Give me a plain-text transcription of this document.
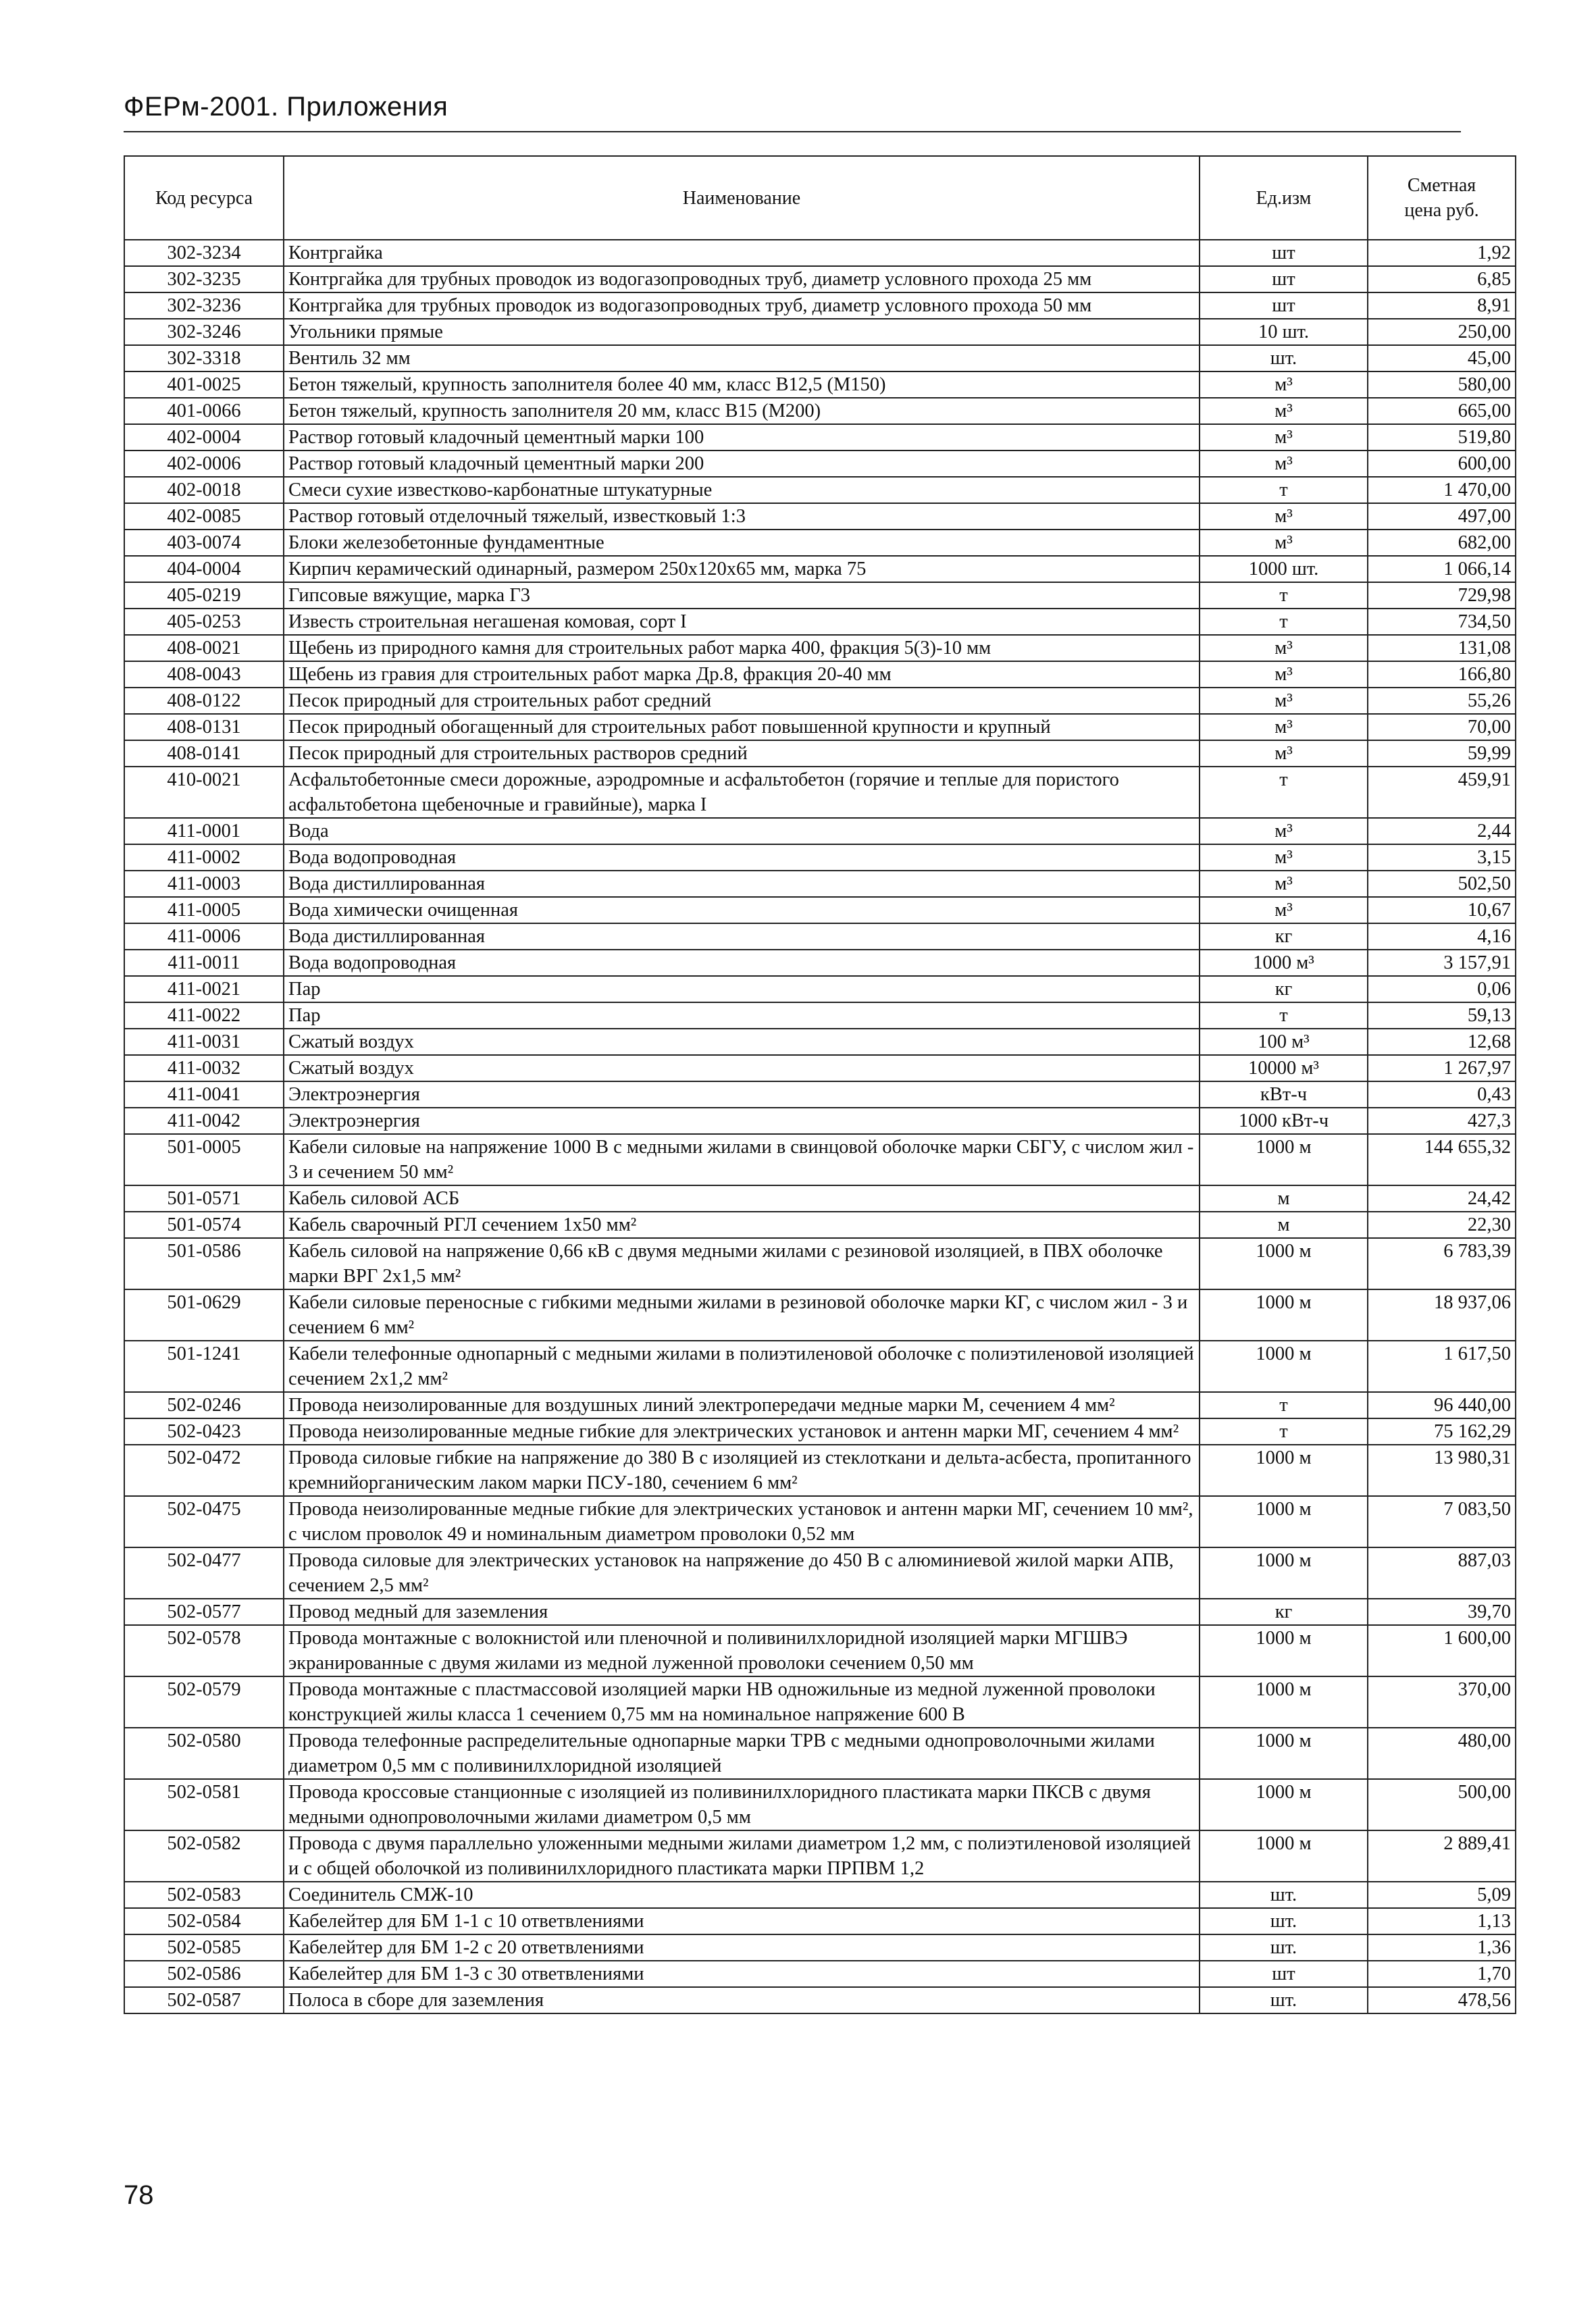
ФЕРм-2001. Приложения
Код ресурса	Наименование	Ед.изм	Сметная цена руб.
302-3234	Контргайка	шт	1,92
302-3235	Контргайка для трубных проводок из водогазопроводных труб, диаметр условного прохода 25 мм	шт	6,85
302-3236	Контргайка для трубных проводок из водогазопроводных труб, диаметр условного прохода 50 мм	шт	8,91
302-3246	Угольники прямые	10 шт.	250,00
302-3318	Вентиль 32 мм	шт.	45,00
401-0025	Бетон тяжелый, крупность заполнителя более 40 мм, класс В12,5 (М150)	м³	580,00
401-0066	Бетон тяжелый, крупность заполнителя 20 мм, класс В15 (М200)	м³	665,00
402-0004	Раствор готовый кладочный цементный марки 100	м³	519,80
402-0006	Раствор готовый кладочный цементный марки 200	м³	600,00
402-0018	Смеси сухие известково-карбонатные штукатурные	т	1 470,00
402-0085	Раствор готовый отделочный тяжелый, известковый 1:3	м³	497,00
403-0074	Блоки железобетонные фундаментные	м³	682,00
404-0004	Кирпич керамический одинарный, размером 250x120x65 мм, марка 75	1000 шт.	1 066,14
405-0219	Гипсовые вяжущие, марка Г3	т	729,98
405-0253	Известь строительная негашеная комовая, сорт I	т	734,50
408-0021	Щебень из природного камня для строительных работ марка 400, фракция 5(3)-10 мм	м³	131,08
408-0043	Щебень из гравия для строительных работ марка Др.8, фракция 20-40 мм	м³	166,80
408-0122	Песок природный для строительных работ средний	м³	55,26
408-0131	Песок природный обогащенный для строительных работ повышенной крупности и крупный	м³	70,00
408-0141	Песок природный для строительных растворов средний	м³	59,99
410-0021	Асфальтобетонные смеси дорожные, аэродромные и асфальтобетон (горячие и теплые для пористого асфальтобетона щебеночные и гравийные), марка I	т	459,91
411-0001	Вода	м³	2,44
411-0002	Вода водопроводная	м³	3,15
411-0003	Вода дистиллированная	м³	502,50
411-0005	Вода химически очищенная	м³	10,67
411-0006	Вода дистиллированная	кг	4,16
411-0011	Вода водопроводная	1000 м³	3 157,91
411-0021	Пар	кг	0,06
411-0022	Пар	т	59,13
411-0031	Сжатый воздух	100 м³	12,68
411-0032	Сжатый воздух	10000 м³	1 267,97
411-0041	Электроэнергия	кВт-ч	0,43
411-0042	Электроэнергия	1000 кВт-ч	427,3
501-0005	Кабели силовые на напряжение 1000 В с медными жилами в свинцовой оболочке марки СБГУ, с числом жил - 3 и сечением 50 мм²	1000 м	144 655,32
501-0571	Кабель силовой АСБ	м	24,42
501-0574	Кабель сварочный РГЛ сечением 1x50 мм²	м	22,30
501-0586	Кабель силовой на напряжение 0,66 кВ с двумя медными жилами с резиновой изоляцией, в ПВХ оболочке марки ВРГ 2x1,5 мм²	1000 м	6 783,39
501-0629	Кабели силовые переносные с гибкими медными жилами в резиновой оболочке марки КГ, с числом жил - 3 и сечением 6 мм²	1000 м	18 937,06
501-1241	Кабели телефонные однопарный с медными жилами в полиэтиленовой оболочке с полиэтиленовой изоляцией сечением 2x1,2 мм²	1000 м	1 617,50
502-0246	Провода неизолированные для воздушных линий электропередачи медные марки М, сечением 4 мм²	т	96 440,00
502-0423	Провода неизолированные медные гибкие для электрических установок и антенн марки МГ, сечением 4 мм²	т	75 162,29
502-0472	Провода силовые гибкие на напряжение до 380 В с изоляцией из стеклоткани и дельта-асбеста, пропитанного кремнийорганическим лаком марки ПСУ-180, сечением 6 мм²	1000 м	13 980,31
502-0475	Провода неизолированные медные гибкие для электрических установок и антенн марки МГ, сечением 10 мм², с числом проволок 49 и номинальным диаметром проволоки 0,52 мм	1000 м	7 083,50
502-0477	Провода силовые для электрических установок на напряжение до 450 В с алюминиевой жилой марки АПВ, сечением 2,5 мм²	1000 м	887,03
502-0577	Провод медный для заземления	кг	39,70
502-0578	Провода монтажные с волокнистой или пленочной и поливинилхлоридной изоляцией марки МГШВЭ экранированные с двумя жилами из медной луженной проволоки сечением 0,50 мм	1000 м	1 600,00
502-0579	Провода монтажные с пластмассовой изоляцией марки НВ одножильные из медной луженной проволоки конструкцией жилы класса 1 сечением 0,75 мм на номинальное напряжение 600 В	1000 м	370,00
502-0580	Провода телефонные распределительные однопарные марки ТРВ с медными однопроволочными жилами диаметром 0,5 мм с поливинилхлоридной изоляцией	1000 м	480,00
502-0581	Провода кроссовые станционные с изоляцией из поливинилхлоридного пластиката марки ПКСВ с двумя медными однопроволочными жилами диаметром 0,5 мм	1000 м	500,00
502-0582	Провода с двумя параллельно уложенными медными жилами диаметром 1,2 мм, с полиэтиленовой изоляцией и с общей оболочкой из поливинилхлоридного пластиката марки ПРПВМ 1,2	1000 м	2 889,41
502-0583	Соединитель СМЖ-10	шт.	5,09
502-0584	Кабелейтер для БМ 1-1 с 10 ответвлениями	шт.	1,13
502-0585	Кабелейтер для БМ 1-2 с 20 ответвлениями	шт.	1,36
502-0586	Кабелейтер для БМ 1-3 с 30 ответвлениями	шт	1,70
502-0587	Полоса в сборе для заземления	шт.	478,56
78
